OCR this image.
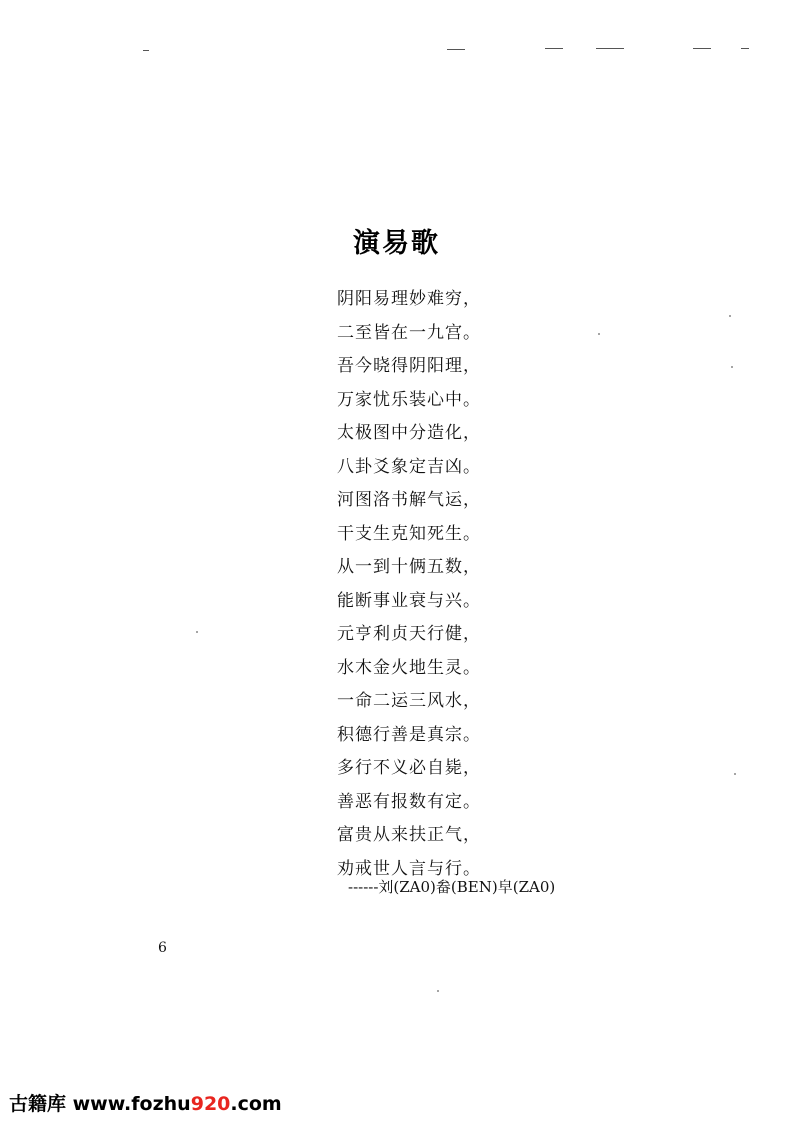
演易歌
阴阳易理妙难穷，
二至皆在一九宫。
吾今晓得阴阳理，
万家忧乐装心中。
太极图中分造化，
八卦爻象定吉凶。
河图洛书解气运，
干支生克知死生。
从一到十俩五数，
能断事业衰与兴。
元亨利贞天行健，
水木金火地生灵。
一命二运三风水，
积德行善是真宗。
多行不义必自毙，
善恶有报数有定。
富贵从来扶正气，
劝戒世人言与行。
------刘(ZA0)畚(BEN)皁(ZA0)
6
古籍库 www.fozhu920.com
